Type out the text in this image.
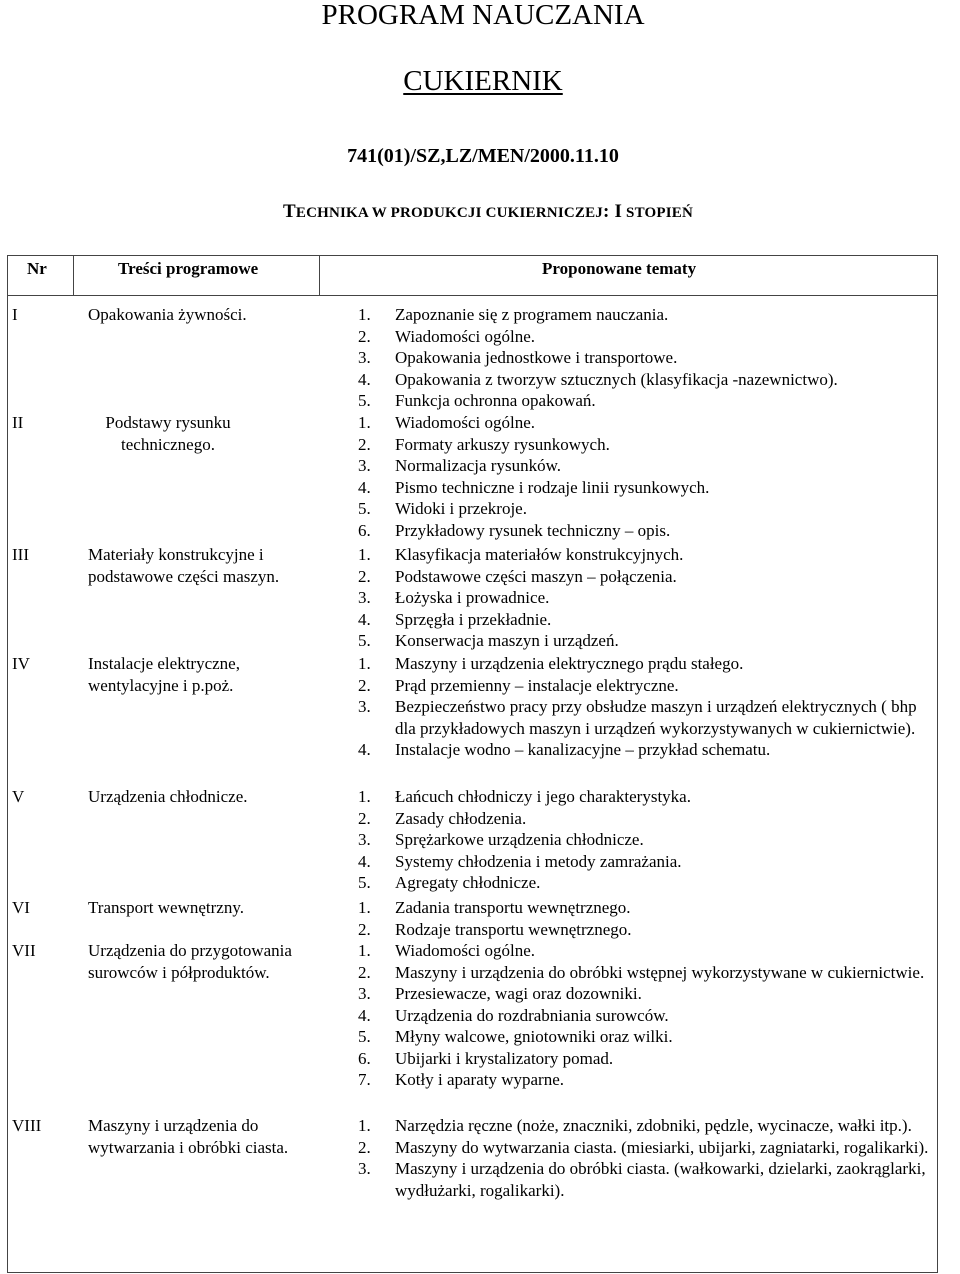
PROGRAM NAUCZANIA
CUKIERNIK
741(01)/SZ,LZ/MEN/2000.11.10
TECHNIKA W PRODUKCJI CUKIERNICZEJ: I STOPIEŃ
Nr	Treści programowe	Proponowane tematy
I	Opakowania żywności.	1. Zapoznanie się z programem nauczania.
2. Wiadomości ogólne.
3. Opakowania jednostkowe i transportowe.
4. Opakowania z tworzyw sztucznych (klasyfikacja -nazewnictwo).
5. Funkcja ochronna opakowań.
II	Podstawy rysunku technicznego.
1. Wiadomości ogólne.
2. Formaty arkuszy rysunkowych.
3. Normalizacja rysunków.
4. Pismo techniczne i rodzaje linii rysunkowych.
5. Widoki i przekroje.
6. Przykładowy rysunek techniczny – opis.
III	Materiały konstrukcyjne i podstawowe części maszyn.
1. Klasyfikacja materiałów konstrukcyjnych.
2. Podstawowe części maszyn – połączenia.
3. Łożyska i prowadnice.
4. Sprzęgła i przekładnie.
5. Konserwacja maszyn i urządzeń.
IV	Instalacje elektryczne, wentylacyjne i p.poż.
1. Maszyny i urządzenia elektrycznego prądu stałego.
2. Prąd przemienny – instalacje elektryczne.
3. Bezpieczeństwo pracy przy obsłudze maszyn i urządzeń elektrycznych ( bhp dla przykładowych maszyn i urządzeń wykorzystywanych w cukiernictwie).
4. Instalacje wodno – kanalizacyjne – przykład schematu.
V	Urządzenia chłodnicze.	1. Łańcuch chłodniczy i jego charakterystyka.
2. Zasady chłodzenia.
3. Sprężarkowe urządzenia chłodnicze.
4. Systemy chłodzenia i metody zamrażania.
5. Agregaty chłodnicze.
VI	Transport wewnętrzny.	1. Zadania transportu wewnętrznego.
2. Rodzaje transportu wewnętrznego.
VII	Urządzenia do przygotowania surowców i półproduktów.
1. Wiadomości ogólne.
2. Maszyny i urządzenia do obróbki wstępnej wykorzystywane w cukiernictwie.
3. Przesiewacze, wagi oraz dozowniki.
4. Urządzenia do rozdrabniania surowców.
5. Młyny walcowe, gniotowniki oraz wilki.
6. Ubijarki i krystalizatory pomad.
7. Kotły i aparaty wyparne.
VIII	Maszyny i urządzenia do wytwarzania i obróbki ciasta.
1. Narzędzia ręczne (noże, znaczniki, zdobniki, pędzle, wycinacze, wałki itp.).
2. Maszyny do wytwarzania ciasta. (miesiarki, ubijarki, zagniatarki, rogalikarki).
3. Maszyny i urządzenia do obróbki ciasta. (wałkowarki, dzielarki, zaokrąglarki, wydłużarki, rogalikarki).
